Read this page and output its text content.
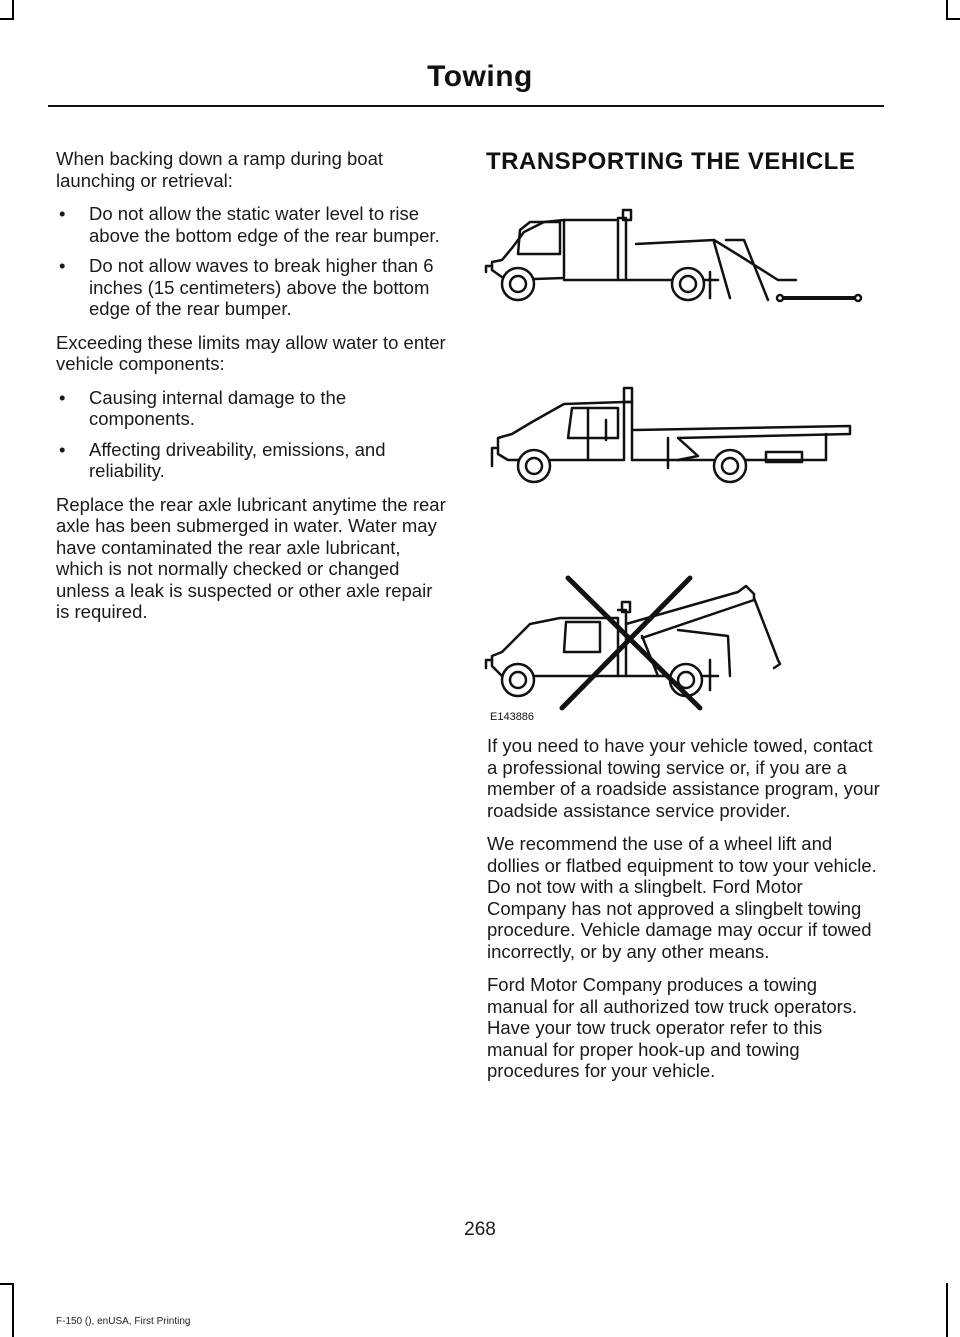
Towing

When backing down a ramp during boat launching or retrieval:

• Do not allow the static water level to rise above the bottom edge of the rear bumper.
• Do not allow waves to break higher than 6 inches (15 centimeters) above the bottom edge of the rear bumper.

Exceeding these limits may allow water to enter vehicle components:

• Causing internal damage to the components.
• Affecting driveability, emissions, and reliability.

Replace the rear axle lubricant anytime the rear axle has been submerged in water. Water may have contaminated the rear axle lubricant, which is not normally checked or changed unless a leak is suspected or other axle repair is required.

TRANSPORTING THE VEHICLE
E143886

If you need to have your vehicle towed, contact a professional towing service or, if you are a member of a roadside assistance program, your roadside assistance service provider.

We recommend the use of a wheel lift and dollies or flatbed equipment to tow your vehicle. Do not tow with a slingbelt. Ford Motor Company has not approved a slingbelt towing procedure. Vehicle damage may occur if towed incorrectly, or by any other means.

Ford Motor Company produces a towing manual for all authorized tow truck operators. Have your tow truck operator refer to this manual for proper hook-up and towing procedures for your vehicle.

268
F-150 (), enUSA, First Printing
